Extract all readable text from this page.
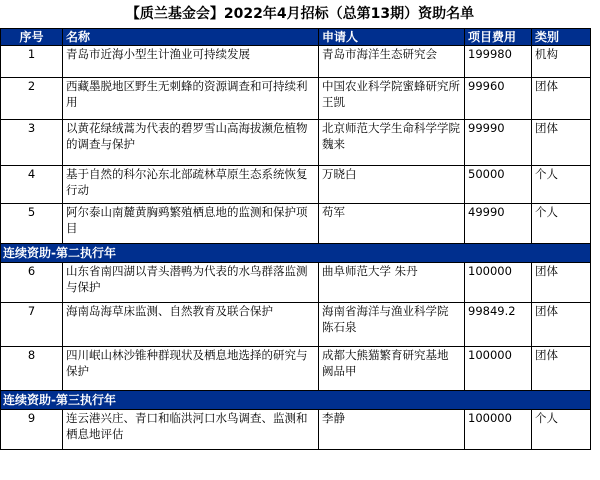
【质兰基金会】2022年4月招标（总第13期）资助名单
序号	名称	申请人	项目费用	类别
1	青岛市近海小型生计渔业可持续发展	青岛市海洋生态研究会	199980	机构
2	西藏墨脱地区野生无刺蜂的资源调查和可持续利用	中国农业科学院蜜蜂研究所 王凯	99960	团体
3	以黄花绿绒蒿为代表的碧罗雪山高海拔濒危植物的调查与保护	北京师范大学生命科学学院 魏来	99990	团体
4	基于自然的科尔沁东北部疏林草原生态系统恢复行动	万晓白	50000	个人
5	阿尔泰山南麓黄胸鹀繁殖栖息地的监测和保护项目	苟军	49990	个人
连续资助-第二执行年				
6	山东省南四湖以青头潜鸭为代表的水鸟群落监测与保护	曲阜师范大学 朱丹	100000	团体
7	海南岛海草床监测、自然教育及联合保护	海南省海洋与渔业科学院 陈石泉	99849.2	团体
8	四川岷山林沙锥种群现状及栖息地选择的研究与保护	成都大熊猫繁育研究基地 阙品甲	100000	团体
连续资助-第三执行年				
9	连云港兴庄、青口和临洪河口水鸟调查、监测和栖息地评估	李静	100000	个人
